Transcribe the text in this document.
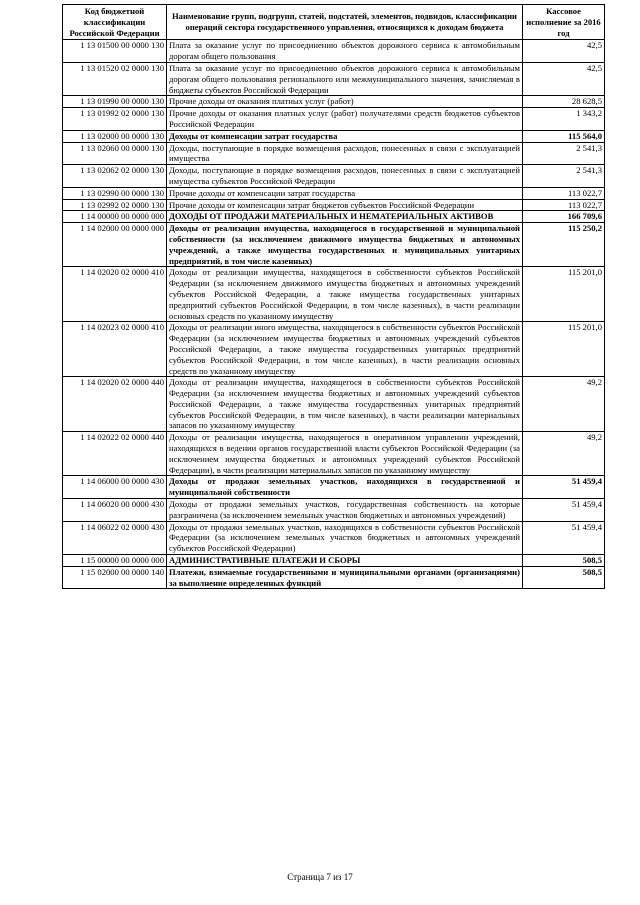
Код бюджетной классификации Российской Федерации	Наименование групп, подгрупп, статей, подстатей, элементов, подвидов, классификации операций сектора государственного управления, относящихся к доходам бюджета	Кассовое исполнение за 2016 год
1 13 01500 00 0000 130	Плата за оказание услуг по присоединению объектов дорожного сервиса к автомобильным дорогам общего пользования	42,5
1 13 01520 02 0000 130	Плата за оказание услуг по присоединению объектов дорожного сервиса к автомобильным дорогам общего пользования регионального или межмуниципального значения, зачисляемая в бюджеты субъектов Российской Федерации	42,5
1 13 01990 00 0000 130	Прочие доходы от оказания платных услуг (работ)	28 628,5
1 13 01992 02 0000 130	Прочие доходы от оказания платных услуг (работ) получателями средств бюджетов субъектов Российской Федерации	1 343,2
1 13 02000 00 0000 130	Доходы от компенсации затрат государства	115 564,0
1 13 02060 00 0000 130	Доходы, поступающие в порядке возмещения расходов, понесенных в связи с эксплуатацией имущества	2 541,3
1 13 02062 02 0000 130	Доходы, поступающие в порядке возмещения расходов, понесенных в связи с эксплуатацией имущества субъектов Российской Федерации	2 541,3
1 13 02990 00 0000 130	Прочие доходы от компенсации затрат государства	113 022,7
1 13 02992 02 0000 130	Прочие доходы от компенсации затрат бюджетов субъектов Российской Федерации	113 022,7
1 14 00000 00 0000 000	ДОХОДЫ ОТ ПРОДАЖИ МАТЕРИАЛЬНЫХ И НЕМАТЕРИАЛЬНЫХ АКТИВОВ	166 709,6
1 14 02000 00 0000 000	Доходы от реализации имущества, находящегося в государственной и муниципальной собственности (за исключением движимого имущества бюджетных и автономных учреждений, а также имущества государственных и муниципальных унитарных предприятий, в том числе казенных)	115 250,2
1 14 02020 02 0000 410	Доходы от реализации имущества, находящегося в собственности субъектов Российской Федерации (за исключением движимого имущества бюджетных и автономных учреждений субъектов Российской Федерации, а также имущества государственных унитарных предприятий субъектов Российской Федерации, в том числе казенных), в части реализации основных средств по указанному имуществу	115 201,0
1 14 02023 02 0000 410	Доходы от реализации иного имущества, находящегося в собственности субъектов Российской Федерации (за исключением имущества бюджетных и автономных учреждений субъектов Российской Федерации, а также имущества государственных унитарных предприятий субъектов Российской Федерации, в том числе казенных), в части реализации основных средств по указанному имуществу	115 201,0
1 14 02020 02 0000 440	Доходы от реализации имущества, находящегося в собственности субъектов Российской Федерации (за исключением имущества бюджетных и автономных учреждений субъектов Российской Федерации, а также имущества государственных унитарных предприятий субъектов Российской Федерации, в том числе казенных), в части реализации материальных запасов по указанному имуществу	49,2
1 14 02022 02 0000 440	Доходы от реализации имущества, находящегося в оперативном управлении учреждений, находящихся в ведении органов государственной власти субъектов Российской Федерации (за исключением имущества бюджетных и автономных учреждений субъектов Российской Федерации), в части реализации материальных запасов по указанному имуществу	49,2
1 14 06000 00 0000 430	Доходы от продажи земельных участков, находящихся в государственной и муниципальной собственности	51 459,4
1 14 06020 00 0000 430	Доходы от продажи земельных участков, государственная собственность на которые разграничена (за исключением земельных участков бюджетных и автономных учреждений)	51 459,4
1 14 06022 02 0000 430	Доходы от продажи земельных участков, находящихся в собственности субъектов Российской Федерации (за исключением земельных участков бюджетных и автономных учреждений субъектов Российской Федерации)	51 459,4
1 15 00000 00 0000 000	АДМИНИСТРАТИВНЫЕ ПЛАТЕЖИ И СБОРЫ	508,5
1 15 02000 00 0000 140	Платежи, взимаемые государственными и муниципальными органами (организациями) за выполнение определенных функций	508,5
Страница 7 из 17
